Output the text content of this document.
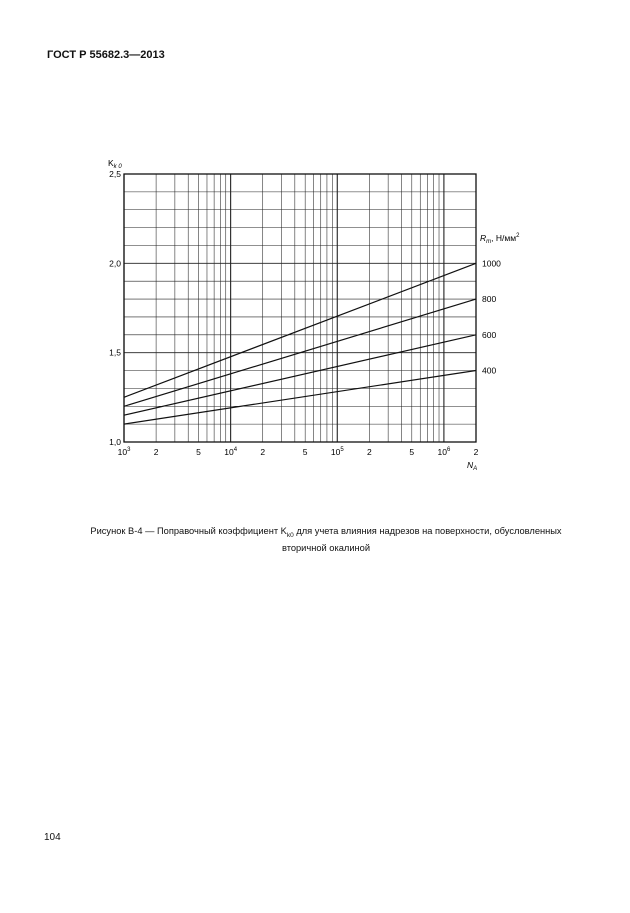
ГОСТ Р 55682.3—2013
1000
800
600
400
1,0
1,5
2,0
2,5
$10^3$	2	5	$10^4$	2	5	$10^5$	2	5	$10^6$	2
$K_{k 0}$
$N_A$
$R_m$, $Н/мм^2$
Рисунок В-4 — Поправочный коэффициент $K_{k0}$ для учета влияния надрезов на поверхности, обусловленных
вторичной окалиной
104
